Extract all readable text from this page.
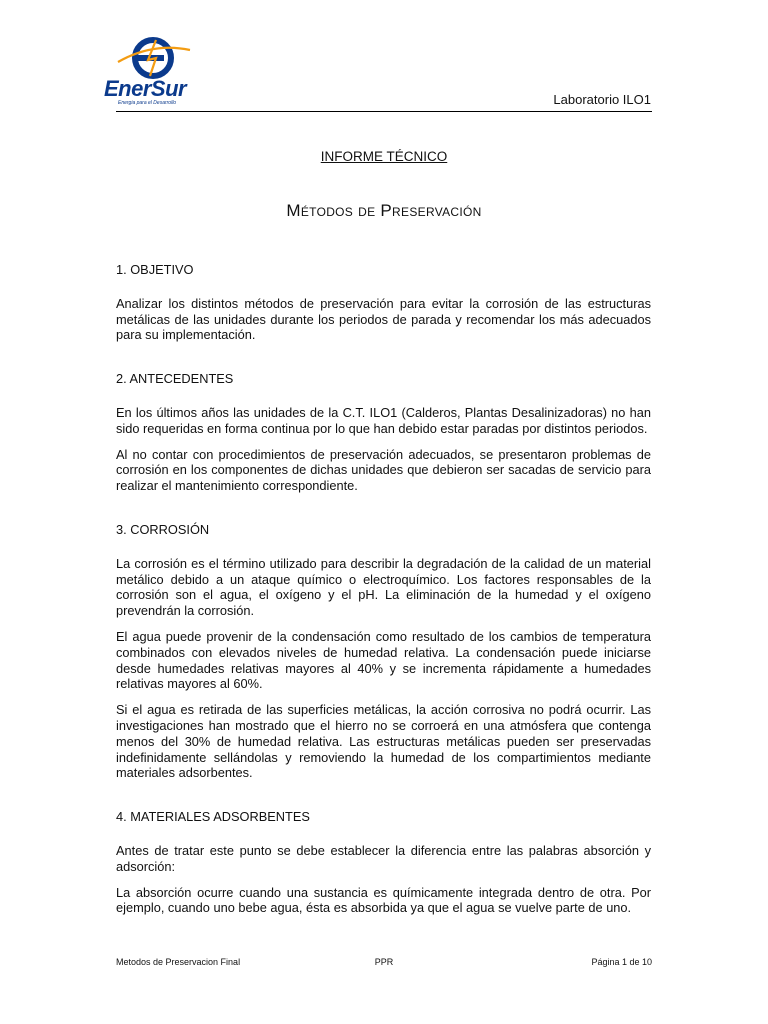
EnerSur
Energia para el Desarrollo	Laboratorio ILO1
INFORME TÉCNICO
Métodos de Preservación
1. OBJETIVO

Analizar los distintos métodos de preservación para evitar la corrosión de las estructuras metálicas de las unidades durante los periodos de parada y recomendar los más adecuados para su implementación.

2. ANTECEDENTES

En los últimos años las unidades de la C.T. ILO1 (Calderos, Plantas Desalinizadoras) no han sido requeridas en forma continua por lo que han debido estar paradas por distintos periodos.

Al no contar con procedimientos de preservación adecuados, se presentaron problemas de corrosión en los componentes de dichas unidades que debieron ser sacadas de servicio para realizar el mantenimiento correspondiente.

3. CORROSIÓN

La corrosión es el término utilizado para describir la degradación de la calidad de un material metálico debido a un ataque químico o electroquímico. Los factores responsables de la corrosión son el agua, el oxígeno y el pH. La eliminación de la humedad y el oxígeno prevendrán la corrosión.

El agua puede provenir de la condensación como resultado de los cambios de temperatura combinados con elevados niveles de humedad relativa. La condensación puede iniciarse desde humedades relativas mayores al 40% y se incrementa rápidamente a humedades relativas mayores al 60%.

Si el agua es retirada de las superficies metálicas, la acción corrosiva no podrá ocurrir. Las investigaciones han mostrado que el hierro no se corroerá en una atmósfera que contenga menos del 30% de humedad relativa. Las estructuras metálicas pueden ser preservadas indefinidamente sellándolas y removiendo la humedad de los compartimientos mediante materiales adsorbentes.

4. MATERIALES ADSORBENTES

Antes de tratar este punto se debe establecer la diferencia entre las palabras absorción y adsorción:

La absorción ocurre cuando una sustancia es químicamente integrada dentro de otra. Por ejemplo, cuando uno bebe agua, ésta es absorbida ya que el agua se vuelve parte de uno.

Metodos de Preservacion Final	PPR	Página 1 de 10
